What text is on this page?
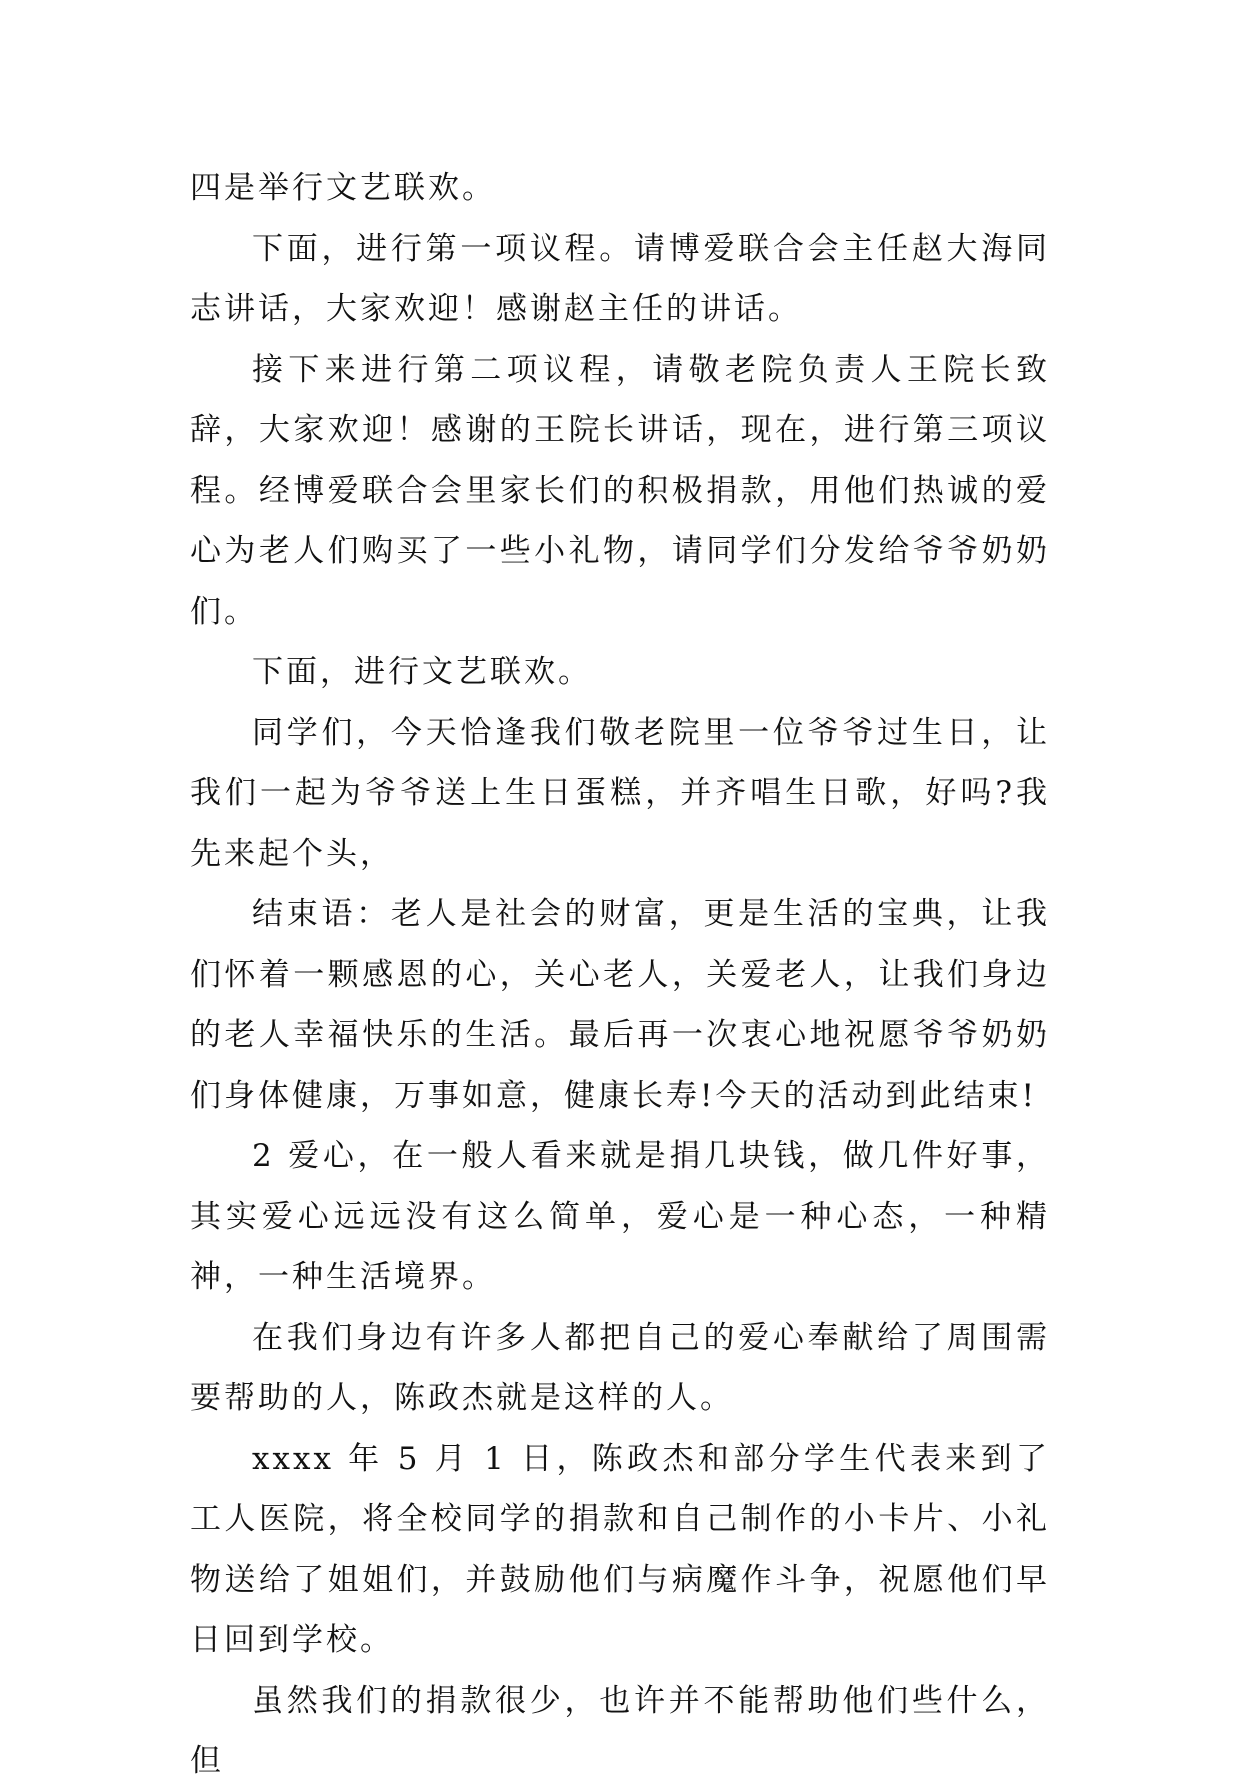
四是举行文艺联欢。

下面，进行第一项议程。请博爱联合会主任赵大海同志讲话，大家欢迎！感谢赵主任的讲话。

接下来进行第二项议程，请敬老院负责人王院长致辞，大家欢迎！感谢的王院长讲话，现在，进行第三项议程。经博爱联合会里家长们的积极捐款，用他们热诚的爱心为老人们购买了一些小礼物，请同学们分发给爷爷奶奶们。

下面，进行文艺联欢。

同学们，今天恰逢我们敬老院里一位爷爷过生日，让我们一起为爷爷送上生日蛋糕，并齐唱生日歌，好吗?我先来起个头，

结束语：老人是社会的财富，更是生活的宝典，让我们怀着一颗感恩的心，关心老人，关爱老人，让我们身边的老人幸福快乐的生活。最后再一次衷心地祝愿爷爷奶奶们身体健康，万事如意，健康长寿!今天的活动到此结束!

2 爱心，在一般人看来就是捐几块钱，做几件好事，其实爱心远远没有这么简单，爱心是一种心态，一种精神，一种生活境界。

在我们身边有许多人都把自己的爱心奉献给了周围需要帮助的人，陈政杰就是这样的人。

xxxx 年 5 月 1 日，陈政杰和部分学生代表来到了工人医院，将全校同学的捐款和自己制作的小卡片、小礼物送给了姐姐们，并鼓励他们与病魔作斗争，祝愿他们早日回到学校。

虽然我们的捐款很少，也许并不能帮助他们些什么，但
